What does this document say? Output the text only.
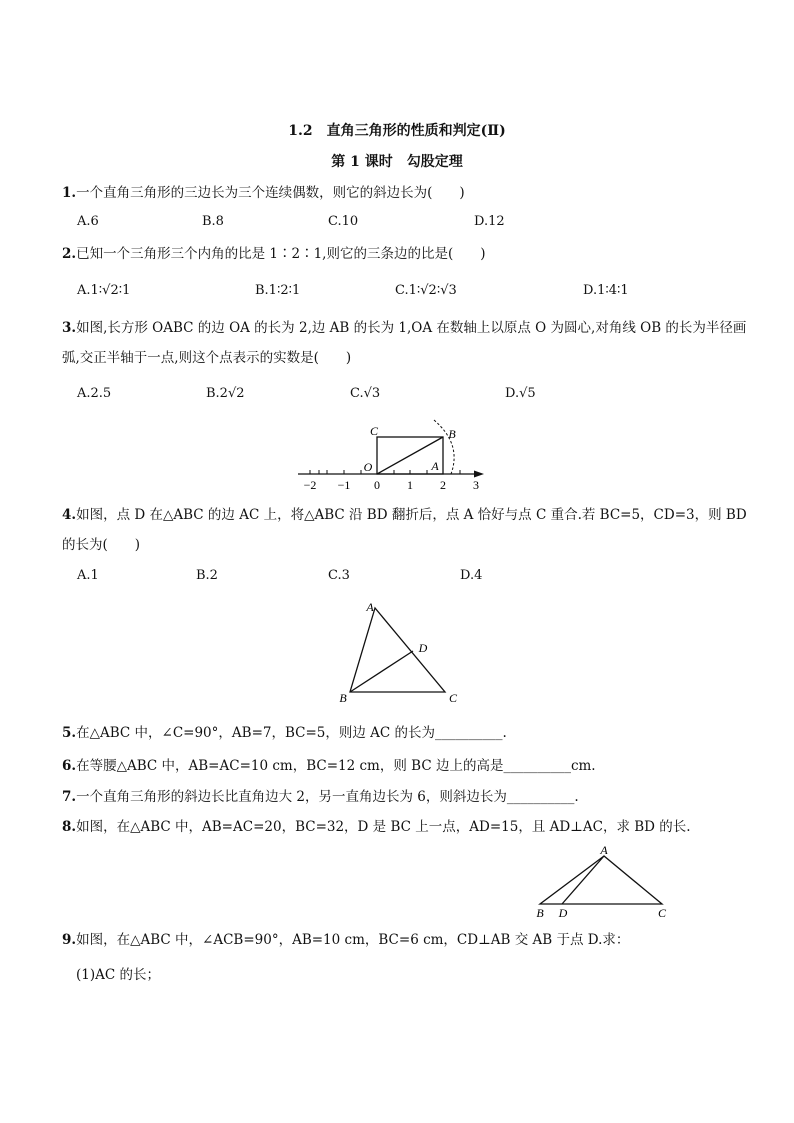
1.2　直角三角形的性质和判定(Ⅱ)
第 1 课时　勾股定理
1.一个直角三角形的三边长为三个连续偶数，则它的斜边长为(　　)
A.6	B.8	C.10	D.12
2.已知一个三角形三个内角的比是 1∶2∶1,则它的三条边的比是(　　)
A.1∶√2∶1	B.1∶2∶1	C.1∶√2∶√3	D.1∶4∶1
3.如图,长方形 OABC 的边 OA 的长为 2,边 AB 的长为 1,OA 在数轴上以原点 O 为圆心,对角线 OB 的长为半径画
弧,交正半轴于一点,则这个点表示的实数是(　　)
A.2.5	B.2√2	C.√3	D.√5
C	B
O	A
−2 −1 0 1 2 3
4.如图，点 D 在△ABC 的边 AC 上，将△ABC 沿 BD 翻折后，点 A 恰好与点 C 重合.若 BC=5，CD=3，则 BD
的长为(　　)
A.1	B.2	C.3	D.4
A
D
B	C
5.在△ABC 中，∠C=90°，AB=7，BC=5，则边 AC 的长为__________.
6.在等腰△ABC 中，AB=AC=10 cm，BC=12 cm，则 BC 边上的高是__________cm.
7.一个直角三角形的斜边长比直角边大 2，另一直角边长为 6，则斜边长为__________.
8.如图，在△ABC 中，AB=AC=20，BC=32，D 是 BC 上一点，AD=15，且 AD⊥AC，求 BD 的长.
A
B D	C
9.如图，在△ABC 中，∠ACB=90°，AB=10 cm，BC=6 cm，CD⊥AB 交 AB 于点 D.求：
(1)AC 的长；
